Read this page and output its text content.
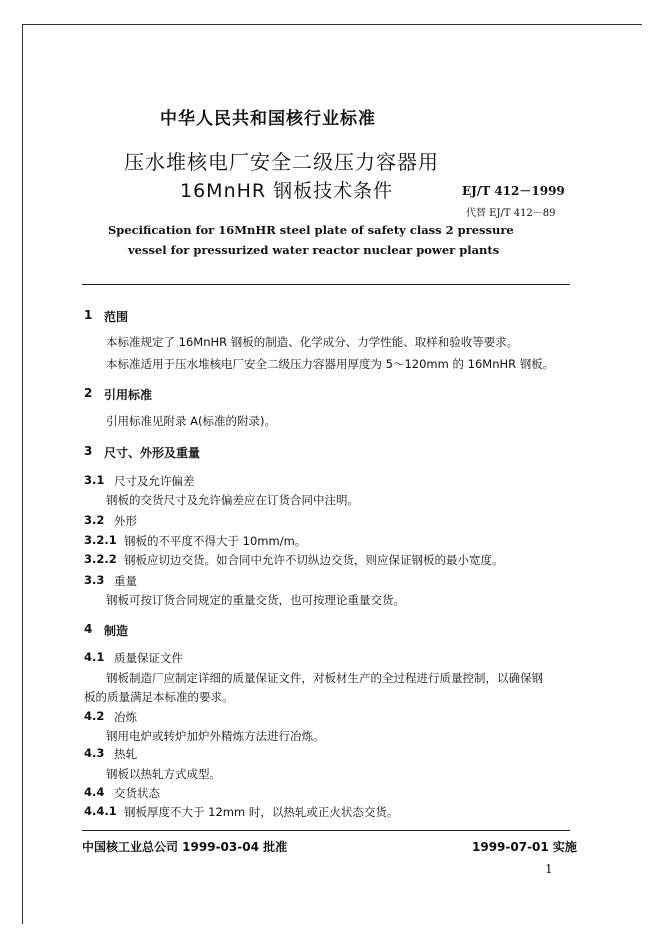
中华人民共和国核行业标准
压水堆核电厂安全二级压力容器用
16MnHR 钢板技术条件	EJ/T 412－1999
代替 EJ/T 412－89
Specification for 16MnHR steel plate of safety class 2 pressure
vessel for pressurized water reactor nuclear power plants
1 范围
本标准规定了 16MnHR 钢板的制造、化学成分、力学性能、取样和验收等要求。
本标准适用于压水堆核电厂安全二级压力容器用厚度为 5～120mm 的 16MnHR 钢板。
2 引用标准
引用标准见附录 A(标准的附录)。
3 尺寸、外形及重量
3.1 尺寸及允许偏差
钢板的交货尺寸及允许偏差应在订货合同中注明。
3.2 外形
3.2.1 钢板的不平度不得大于 10mm/m。
3.2.2 钢板应切边交货。如合同中允许不切纵边交货，则应保证钢板的最小宽度。
3.3 重量
钢板可按订货合同规定的重量交货，也可按理论重量交货。
4 制造
4.1 质量保证文件
钢板制造厂应制定详细的质量保证文件，对板材生产的全过程进行质量控制，以确保钢
板的质量满足本标准的要求。
4.2 冶炼
钢用电炉或转炉加炉外精炼方法进行冶炼。
4.3 热轧
钢板以热轧方式成型。
4.4 交货状态
4.4.1 钢板厚度不大于 12mm 时，以热轧或正火状态交货。
中国核工业总公司 1999-03-04 批准	1999-07-01 实施
1
